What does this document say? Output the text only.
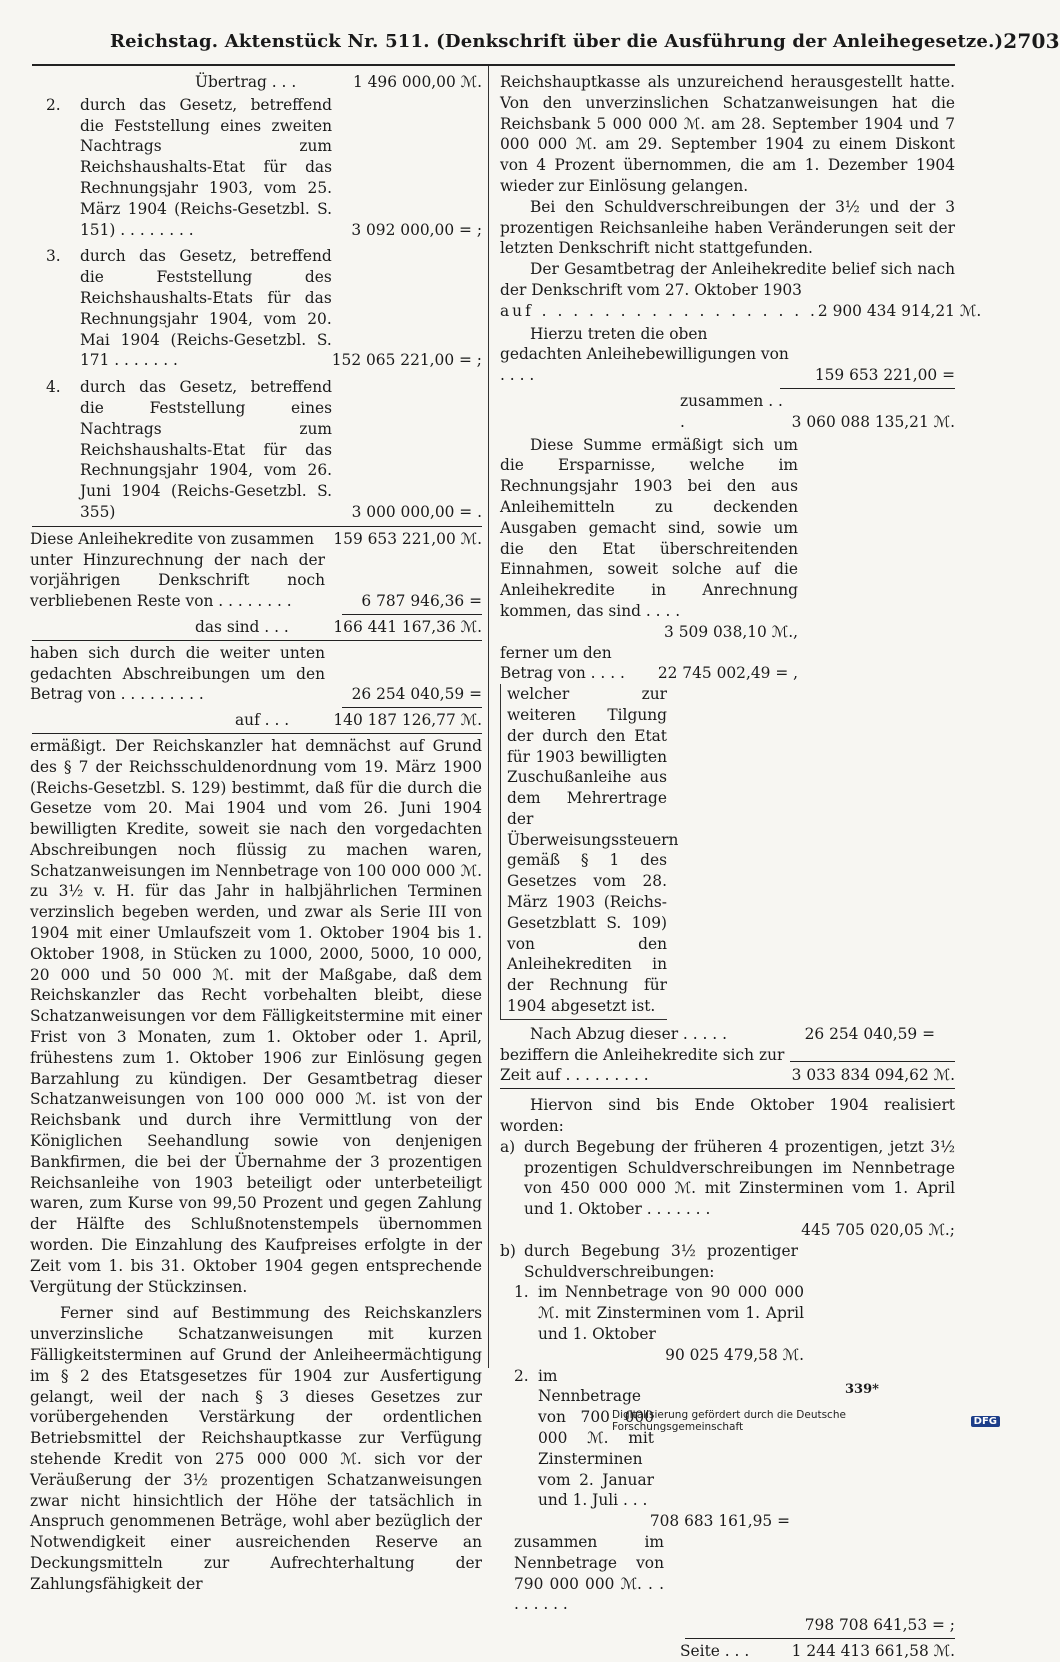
Reichstag. Aktenstück Nr. 511. (Denkschrift über die Ausführung der Anleihegesetze.) 2703
Übertrag . . .	1 496 000,00 ℳ.
2.	durch das Gesetz, betreffend die Feststellung eines zweiten Nachtrags zum Reichshaushalts-Etat für das Rechnungsjahr 1903, vom 25. März 1904 (Reichs-Gesetzbl. S. 151) . . . . . . . .	3 092 000,00 = ;
3.	durch das Gesetz, betreffend die Feststellung des Reichshaushalts-Etats für das Rechnungsjahr 1904, vom 20. Mai 1904 (Reichs-Gesetzbl. S. 171 . . . . . . .	152 065 221,00 = ;
4.	durch das Gesetz, betreffend die Feststellung eines Nachtrags zum Reichshaushalts-Etat für das Rechnungsjahr 1904, vom 26. Juni 1904 (Reichs-Gesetzbl. S. 355)	3 000 000,00 = .
Diese Anleihekredite von zusammen	159 653 221,00 ℳ.
unter Hinzurechnung der nach der vorjährigen Denkschrift noch verbliebenen Reste von . . . . . . . .	6 787 946,36 =
das sind . . .	166 441 167,36 ℳ.
haben sich durch die weiter unten gedachten Abschreibungen um den Betrag von . . . . . . . . .	26 254 040,59 =
auf . . .	140 187 126,77 ℳ.

ermäßigt. Der Reichskanzler hat demnächst auf Grund des § 7 der Reichsschuldenordnung vom 19. März 1900 (Reichs-Gesetzbl. S. 129) bestimmt, daß für die durch die Gesetze vom 20. Mai 1904 und vom 26. Juni 1904 bewilligten Kredite, soweit sie nach den vorgedachten Abschreibungen noch flüssig zu machen waren, Schatzanweisungen im Nennbetrage von 100 000 000 ℳ. zu 3½ v. H. für das Jahr in halbjährlichen Terminen verzinslich begeben werden, und zwar als Serie III von 1904 mit einer Umlaufszeit vom 1. Oktober 1904 bis 1. Oktober 1908, in Stücken zu 1000, 2000, 5000, 10 000, 20 000 und 50 000 ℳ. mit der Maßgabe, daß dem Reichskanzler das Recht vorbehalten bleibt, diese Schatzanweisungen vor dem Fälligkeitstermine mit einer Frist von 3 Monaten, zum 1. Oktober oder 1. April, frühestens zum 1. Oktober 1906 zur Einlösung gegen Barzahlung zu kündigen. Der Gesamtbetrag dieser Schatzanweisungen von 100 000 000 ℳ. ist von der Reichsbank und durch ihre Vermittlung von der Königlichen Seehandlung sowie von denjenigen Bankfirmen, die bei der Übernahme der 3 prozentigen Reichsanleihe von 1903 beteiligt oder unterbeteiligt waren, zum Kurse von 99,50 Prozent und gegen Zahlung der Hälfte des Schlußnotenstempels übernommen worden. Die Einzahlung des Kaufpreises erfolgte in der Zeit vom 1. bis 31. Oktober 1904 gegen entsprechende Vergütung der Stückzinsen.

Ferner sind auf Bestimmung des Reichskanzlers unverzinsliche Schatzanweisungen mit kurzen Fälligkeitsterminen auf Grund der Anleiheermächtigung im § 2 des Etatsgesetzes für 1904 zur Ausfertigung gelangt, weil der nach § 3 dieses Gesetzes zur vorübergehenden Verstärkung der ordentlichen Betriebsmittel der Reichshauptkasse zur Verfügung stehende Kredit von 275 000 000 ℳ. sich vor der Veräußerung der 3½ prozentigen Schatzanweisungen zwar nicht hinsichtlich der Höhe der tatsächlich in Anspruch genommenen Beträge, wohl aber bezüglich der Notwendigkeit einer ausreichenden Reserve an Deckungsmitteln zur Aufrechterhaltung der Zahlungsfähigkeit der

Reichshauptkasse als unzureichend herausgestellt hatte. Von den unverzinslichen Schatzanweisungen hat die Reichsbank 5 000 000 ℳ. am 28. September 1904 und 7 000 000 ℳ. am 29. September 1904 zu einem Diskont von 4 Prozent übernommen, die am 1. Dezember 1904 wieder zur Einlösung gelangen.

Bei den Schuldverschreibungen der 3½ und der 3 prozentigen Reichsanleihe haben Veränderungen seit der letzten Denkschrift nicht stattgefunden.

Der Gesamtbetrag der Anleihekredite belief sich nach der Denkschrift vom 27. Oktober 1903

auf . . . . . . . . . . . . . . . . . . 2 900 434 914,21 ℳ.
Hierzu treten die oben gedachten Anleihebewilligungen von . . . .	159 653 221,00 =
zusammen . . .	3 060 088 135,21 ℳ.

Diese Summe ermäßigt sich um die Ersparnisse, welche im Rechnungsjahr 1903 bei den aus Anleihemitteln zu deckenden Ausgaben gemacht sind, sowie um die den Etat überschreitenden Einnahmen, soweit solche auf die Anleihekredite in Anrechnung kommen, das sind . . . .

3 509 038,10 ℳ.,
ferner um den Betrag von . . . .	22 745 002,49 = ,

welcher zur weiteren Tilgung der durch den Etat für 1903 bewilligten Zuschußanleihe aus dem Mehrertrage der Überweisungssteuern gemäß § 1 des Gesetzes vom 28. März 1903 (Reichs-Gesetzblatt S. 109) von den Anleihekrediten in der Rechnung für 1904 abgesetzt ist.

Nach Abzug dieser . . . . .	26 254 040,59 =
beziffern die Anleihekredite sich zur
Zeit auf . . . . . . . . .	3 033 834 094,62 ℳ.

Hiervon sind bis Ende Oktober 1904 realisiert worden:

a) durch Begebung der früheren 4 prozentigen, jetzt 3½ prozentigen Schuldverschreibungen im Nennbetrage von 450 000 000 ℳ. mit Zinsterminen vom 1. April und 1. Oktober . . . . . . .
445 705 020,05 ℳ.;
b) durch Begebung 3½ prozentiger Schuldverschreibungen:
1. im Nennbetrage von 90 000 000 ℳ. mit Zinsterminen vom 1. April und 1. Oktober
90 025 479,58 ℳ.
2. im Nennbetrage von 700 000 000 ℳ. mit Zinsterminen vom 2. Januar und 1. Juli . . .
708 683 161,95 =

zusammen im Nennbetrage von 790 000 000 ℳ. . . . . . . . .

798 708 641,53 = ;
Seite . . .	1 244 413 661,58 ℳ.
339*
Digitalisierung gefördert durch die Deutsche Forschungsgemeinschaft	DFG
